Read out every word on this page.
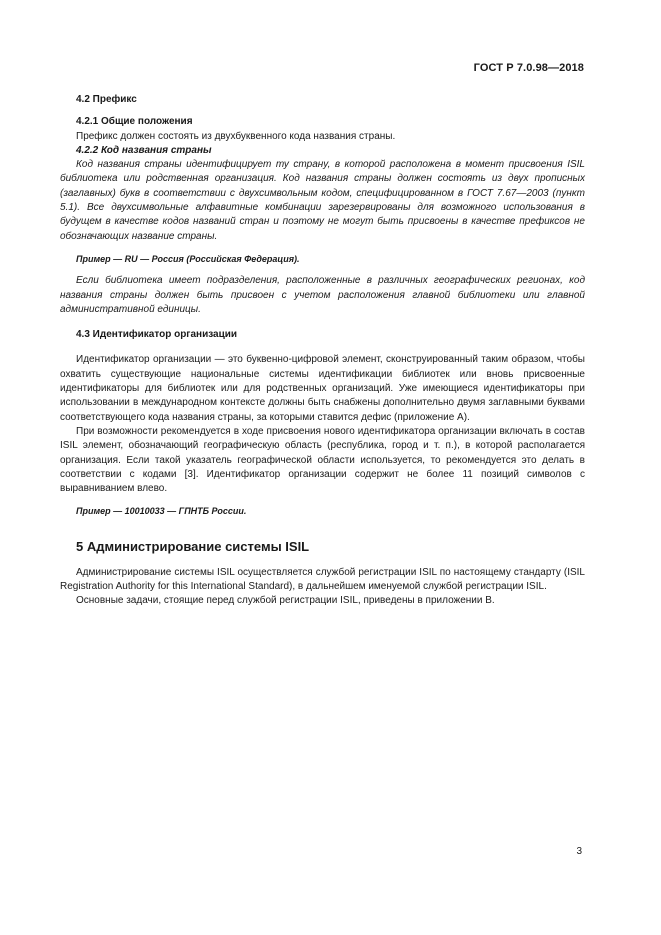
ГОСТ Р 7.0.98—2018
4.2 Префикс
4.2.1 Общие положения
Префикс должен состоять из двухбуквенного кода названия страны.
4.2.2 Код названия страны
Код названия страны идентифицирует ту страну, в которой расположена в момент присвоения ISIL библиотека или родственная организация. Код названия страны должен состоять из двух прописных (заглавных) букв в соответствии с двухсимвольным кодом, специфицированном в ГОСТ 7.67—2003 (пункт 5.1). Все двухсимвольные алфавитные комбинации зарезервированы для возможного использования в будущем в качестве кодов названий стран и поэтому не могут быть присвоены в качестве префиксов не обозначающих название страны.
Пример — RU — Россия (Российская Федерация).
Если библиотека имеет подразделения, расположенные в различных географических регионах, код названия страны должен быть присвоен с учетом расположения главной библиотеки или главной административной единицы.
4.3 Идентификатор организации
Идентификатор организации — это буквенно-цифровой элемент, сконструированный таким образом, чтобы охватить существующие национальные системы идентификации библиотек или вновь присвоенные идентификаторы для библиотек или для родственных организаций. Уже имеющиеся идентификаторы при использовании в международном контексте должны быть снабжены дополнительно двумя заглавными буквами соответствующего кода названия страны, за которыми ставится дефис (приложение А).
При возможности рекомендуется в ходе присвоения нового идентификатора организации включать в состав ISIL элемент, обозначающий географическую область (республика, город и т. п.), в которой располагается организация. Если такой указатель географической области используется, то рекомендуется это делать в соответствии с кодами [3]. Идентификатор организации содержит не более 11 позиций символов с выравниванием влево.
Пример — 10010033 — ГПНТБ России.
5 Администрирование системы ISIL
Администрирование системы ISIL осуществляется службой регистрации ISIL по настоящему стандарту (ISIL Registration Authority for this International Standard), в дальнейшем именуемой службой регистрации ISIL.
Основные задачи, стоящие перед службой регистрации ISIL, приведены в приложении В.
3
